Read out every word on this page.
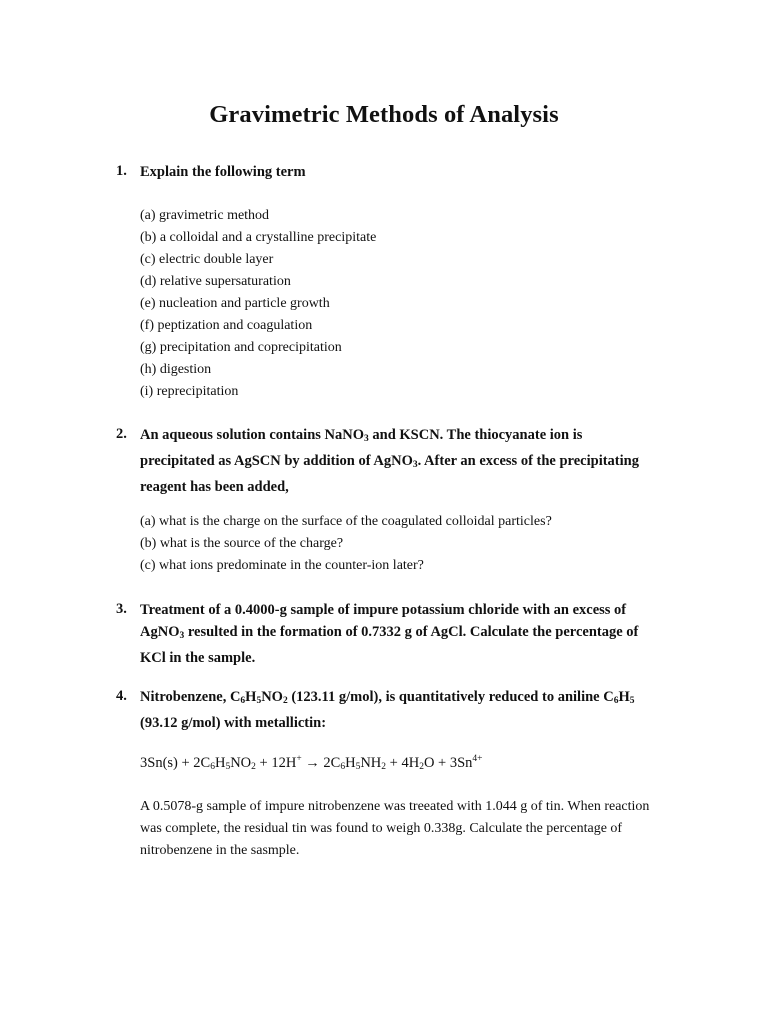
Gravimetric Methods of Analysis
1. Explain the following term
(a) gravimetric method
(b) a colloidal and a crystalline precipitate
(c) electric double layer
(d) relative supersaturation
(e) nucleation and particle growth
(f) peptization and coagulation
(g) precipitation and coprecipitation
(h) digestion
(i) reprecipitation
2. An aqueous solution contains NaNO$_3$ and KSCN. The thiocyanate ion is precipitated as AgSCN by addition of AgNO$_3$. After an excess of the precipitating reagent has been added,
(a) what is the charge on the surface of the coagulated colloidal particles?
(b) what is the source of the charge?
(c) what ions predominate in the counter-ion later?
3. Treatment of a 0.4000-g sample of impure potassium chloride with an excess of AgNO$_3$ resulted in the formation of 0.7332 g of AgCl. Calculate the percentage of KCl in the sample.
4. Nitrobenzene, $C_6H_5NO_2$ (123.11 g/mol), is quantitatively reduced to aniline $C_6H_5$ (93.12 g/mol) with metallictin:
$3Sn(s) + 2C_6H_5NO_2 + 12H^+ \to 2C_6H_5NH_2 + 4H_2O + 3Sn^{4+}$
A 0.5078-g sample of impure nitrobenzene was treeated with 1.044 g of tin. When reaction was complete, the residual tin was found to weigh 0.338g. Calculate the percentage of nitrobenzene in the sasmple.
